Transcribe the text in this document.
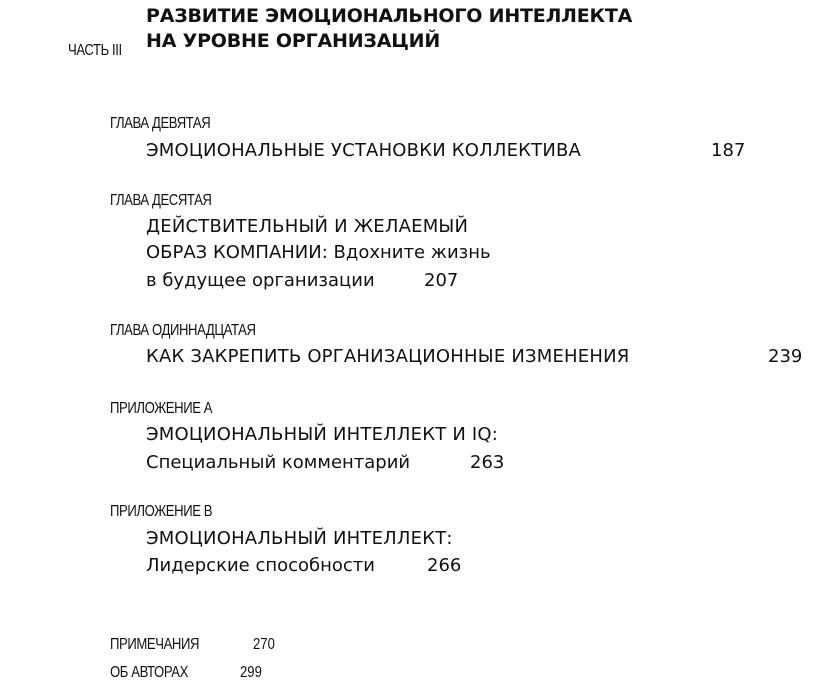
РАЗВИТИЕ ЭМОЦИОНАЛЬНОГО ИНТЕЛЛЕКТА
НА УРОВНЕ ОРГАНИЗАЦИЙ
ЧАСТЬ III
ГЛАВА ДЕВЯТАЯ
ЭМОЦИОНАЛЬНЫЕ УСТАНОВКИ КОЛЛЕКТИВА	187
ГЛАВА ДЕСЯТАЯ
ДЕЙСТВИТЕЛЬНЫЙ И ЖЕЛАЕМЫЙ
ОБРАЗ КОМПАНИИ: Вдохните жизнь
в будущее организации	207
ГЛАВА ОДИННАДЦАТАЯ
КАК ЗАКРЕПИТЬ ОРГАНИЗАЦИОННЫЕ ИЗМЕНЕНИЯ	239
ПРИЛОЖЕНИЕ А
ЭМОЦИОНАЛЬНЫЙ ИНТЕЛЛЕКТ И IQ:
Специальный комментарий	263
ПРИЛОЖЕНИЕ В
ЭМОЦИОНАЛЬНЫЙ ИНТЕЛЛЕКТ:
Лидерские способности	266
ПРИМЕЧАНИЯ	270
ОБ АВТОРАХ	299
